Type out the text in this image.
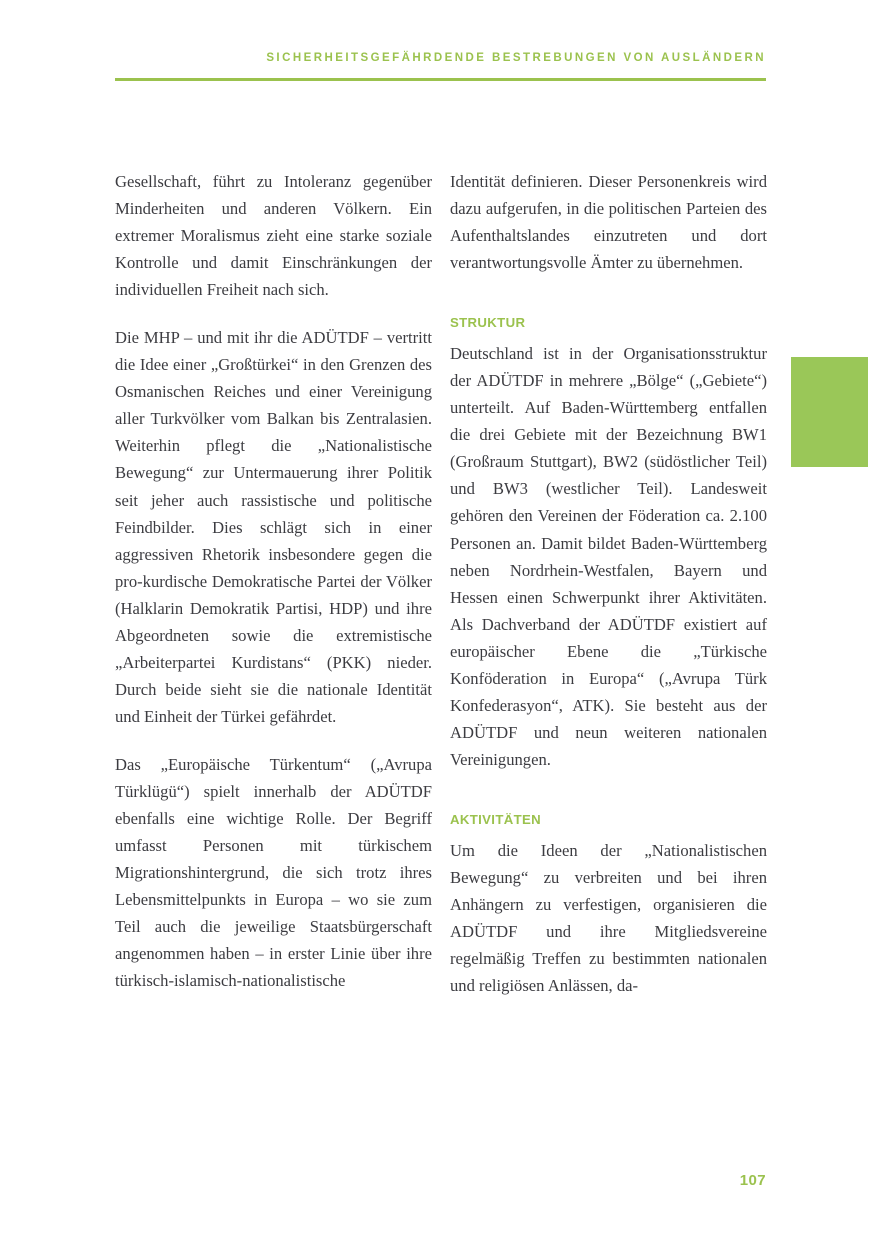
SICHERHEITSGEFÄHRDENDE BESTREBUNGEN VON AUSLÄNDERN

Gesellschaft, führt zu Intoleranz gegenüber Minderheiten und anderen Völkern. Ein extremer Moralismus zieht eine starke soziale Kontrolle und damit Einschränkungen der individuellen Freiheit nach sich.

Die MHP – und mit ihr die ADÜTDF – vertritt die Idee einer „Großtürkei“ in den Grenzen des Osmanischen Reiches und einer Vereinigung aller Turkvölker vom Balkan bis Zentralasien. Weiterhin pflegt die „Nationalistische Bewegung“ zur Untermauerung ihrer Politik seit jeher auch rassistische und politische Feindbilder. Dies schlägt sich in einer aggressiven Rhetorik insbesondere gegen die pro-kurdische Demokratische Partei der Völker (Halklarin Demokratik Partisi, HDP) und ihre Abgeordneten sowie die extremistische „Arbeiterpartei Kurdistans“ (PKK) nieder. Durch beide sieht sie die nationale Identität und Einheit der Türkei gefährdet.

Das „Europäische Türkentum“ („Avrupa Türklügü“) spielt innerhalb der ADÜTDF ebenfalls eine wichtige Rolle. Der Begriff umfasst Personen mit türkischem Migrationshintergrund, die sich trotz ihres Lebensmittelpunkts in Europa – wo sie zum Teil auch die jeweilige Staatsbürgerschaft angenommen haben – in erster Linie über ihre türkisch-islamisch-nationalistische

Identität definieren. Dieser Personenkreis wird dazu aufgerufen, in die politischen Parteien des Aufenthaltslandes einzutreten und dort verantwortungsvolle Ämter zu übernehmen.

STRUKTUR

Deutschland ist in der Organisationsstruktur der ADÜTDF in mehrere „Bölge“ („Gebiete“) unterteilt. Auf Baden-Württemberg entfallen die drei Gebiete mit der Bezeichnung BW1 (Großraum Stuttgart), BW2 (südöstlicher Teil) und BW3 (westlicher Teil). Landesweit gehören den Vereinen der Föderation ca. 2.100 Personen an. Damit bildet Baden-Württemberg neben Nordrhein-Westfalen, Bayern und Hessen einen Schwerpunkt ihrer Aktivitäten. Als Dachverband der ADÜTDF existiert auf europäischer Ebene die „Türkische Konföderation in Europa“ („Avrupa Türk Konfederasyon“, ATK). Sie besteht aus der ADÜTDF und neun weiteren nationalen Vereinigungen.

AKTIVITÄTEN

Um die Ideen der „Nationalistischen Bewegung“ zu verbreiten und bei ihren Anhängern zu verfestigen, organisieren die ADÜTDF und ihre Mitgliedsvereine regelmäßig Treffen zu bestimmten nationalen und religiösen Anlässen, da-

107
